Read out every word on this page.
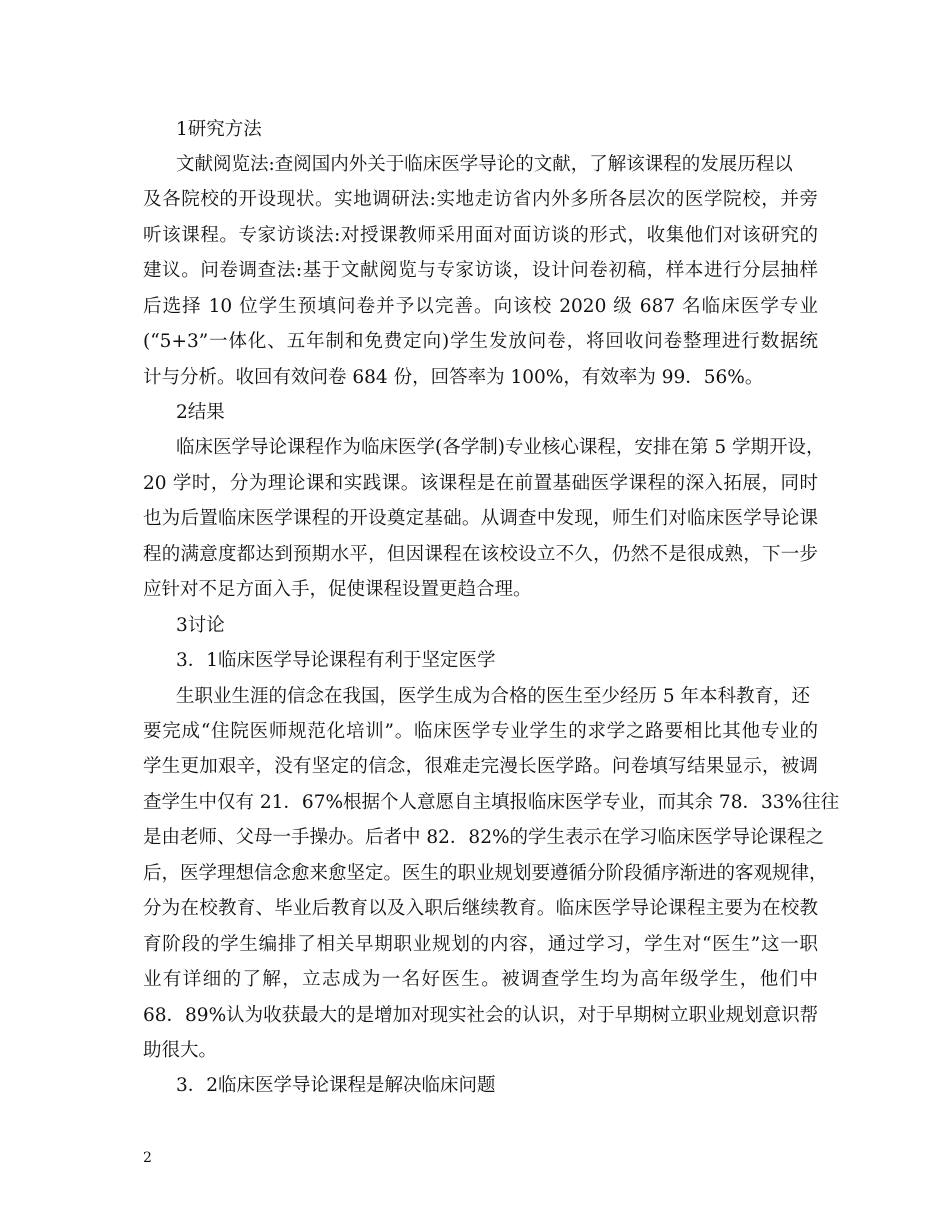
1研究方法
文献阅览法:查阅国内外关于临床医学导论的文献，了解该课程的发展历程以
及各院校的开设现状。实地调研法:实地走访省内外多所各层次的医学院校，并旁
听该课程。专家访谈法:对授课教师采用面对面访谈的形式，收集他们对该研究的
建议。问卷调查法:基于文献阅览与专家访谈，设计问卷初稿，样本进行分层抽样
后选择 10 位学生预填问卷并予以完善。向该校 2020 级 687 名临床医学专业
(“5+3”一体化、五年制和免费定向)学生发放问卷，将回收问卷整理进行数据统
计与分析。收回有效问卷 684 份，回答率为 100%，有效率为 99．56%。
2结果
临床医学导论课程作为临床医学(各学制)专业核心课程，安排在第 5 学期开设，
20 学时，分为理论课和实践课。该课程是在前置基础医学课程的深入拓展，同时
也为后置临床医学课程的开设奠定基础。从调查中发现，师生们对临床医学导论课
程的满意度都达到预期水平，但因课程在该校设立不久，仍然不是很成熟，下一步
应针对不足方面入手，促使课程设置更趋合理。
3讨论
3．1临床医学导论课程有利于坚定医学
生职业生涯的信念在我国，医学生成为合格的医生至少经历 5 年本科教育，还
要完成“住院医师规范化培训”。临床医学专业学生的求学之路要相比其他专业的
学生更加艰辛，没有坚定的信念，很难走完漫长医学路。问卷填写结果显示，被调
查学生中仅有 21．67%根据个人意愿自主填报临床医学专业，而其余 78．33%往往
是由老师、父母一手操办。后者中 82．82%的学生表示在学习临床医学导论课程之
后，医学理想信念愈来愈坚定。医生的职业规划要遵循分阶段循序渐进的客观规律，
分为在校教育、毕业后教育以及入职后继续教育。临床医学导论课程主要为在校教
育阶段的学生编排了相关早期职业规划的内容，通过学习，学生对“医生”这一职
业有详细的了解，立志成为一名好医生。被调查学生均为高年级学生，他们中
68．89%认为收获最大的是增加对现实社会的认识，对于早期树立职业规划意识帮
助很大。
3．2临床医学导论课程是解决临床问题
2
